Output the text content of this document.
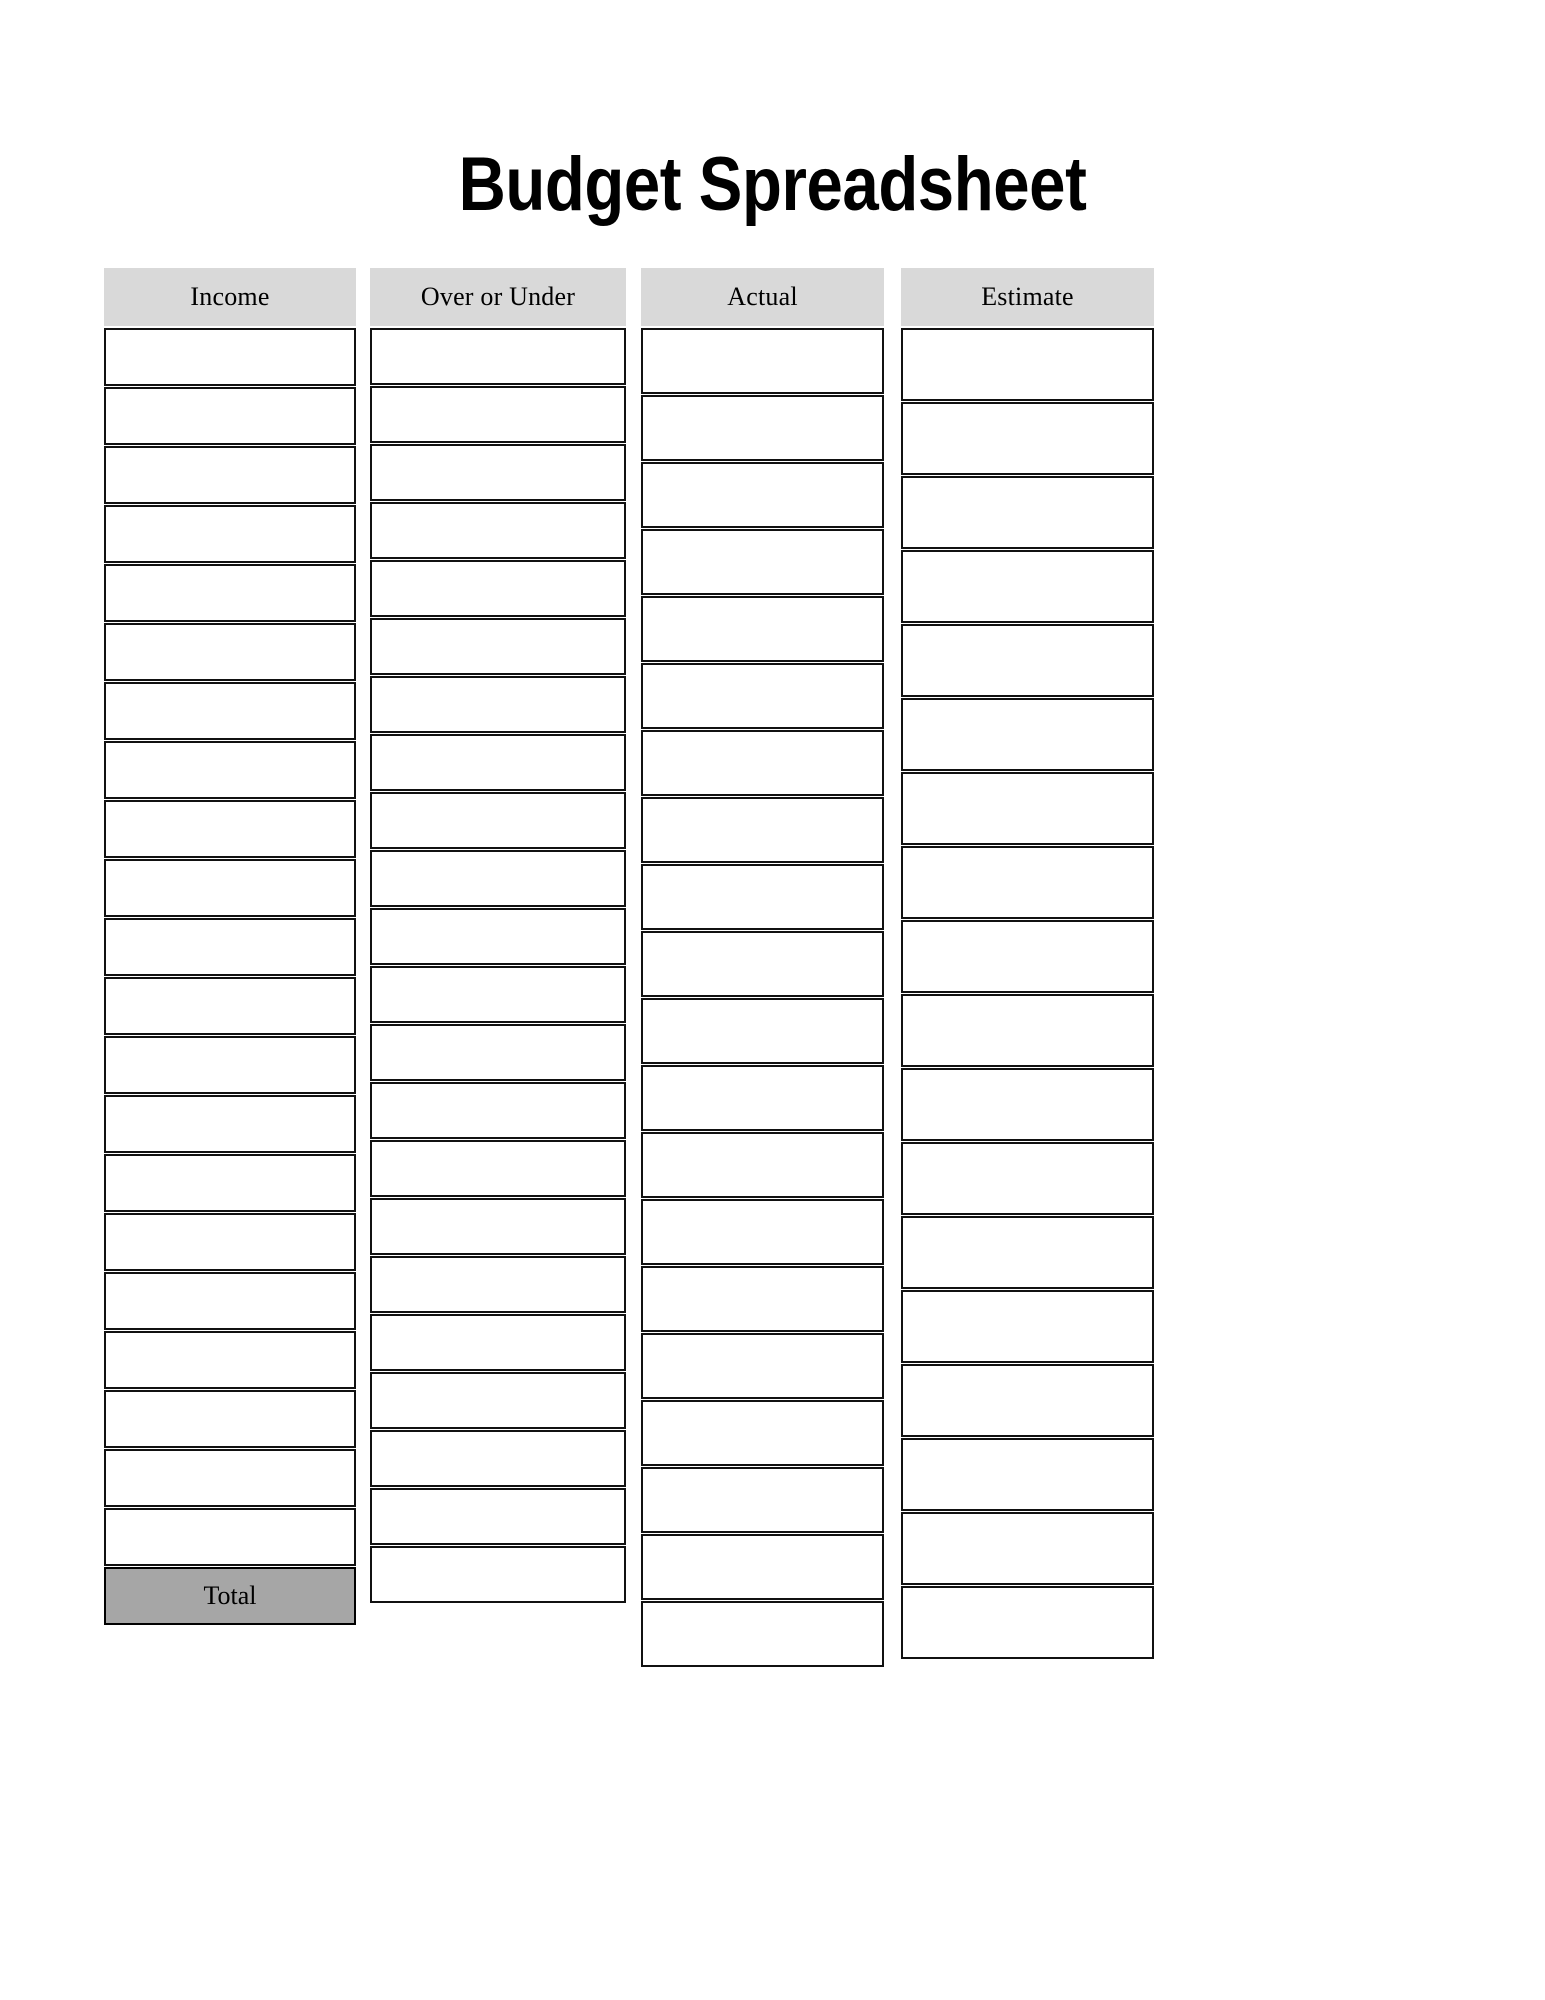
Budget Spreadsheet
Income
Total
Over or Under	Actual	Estimate
